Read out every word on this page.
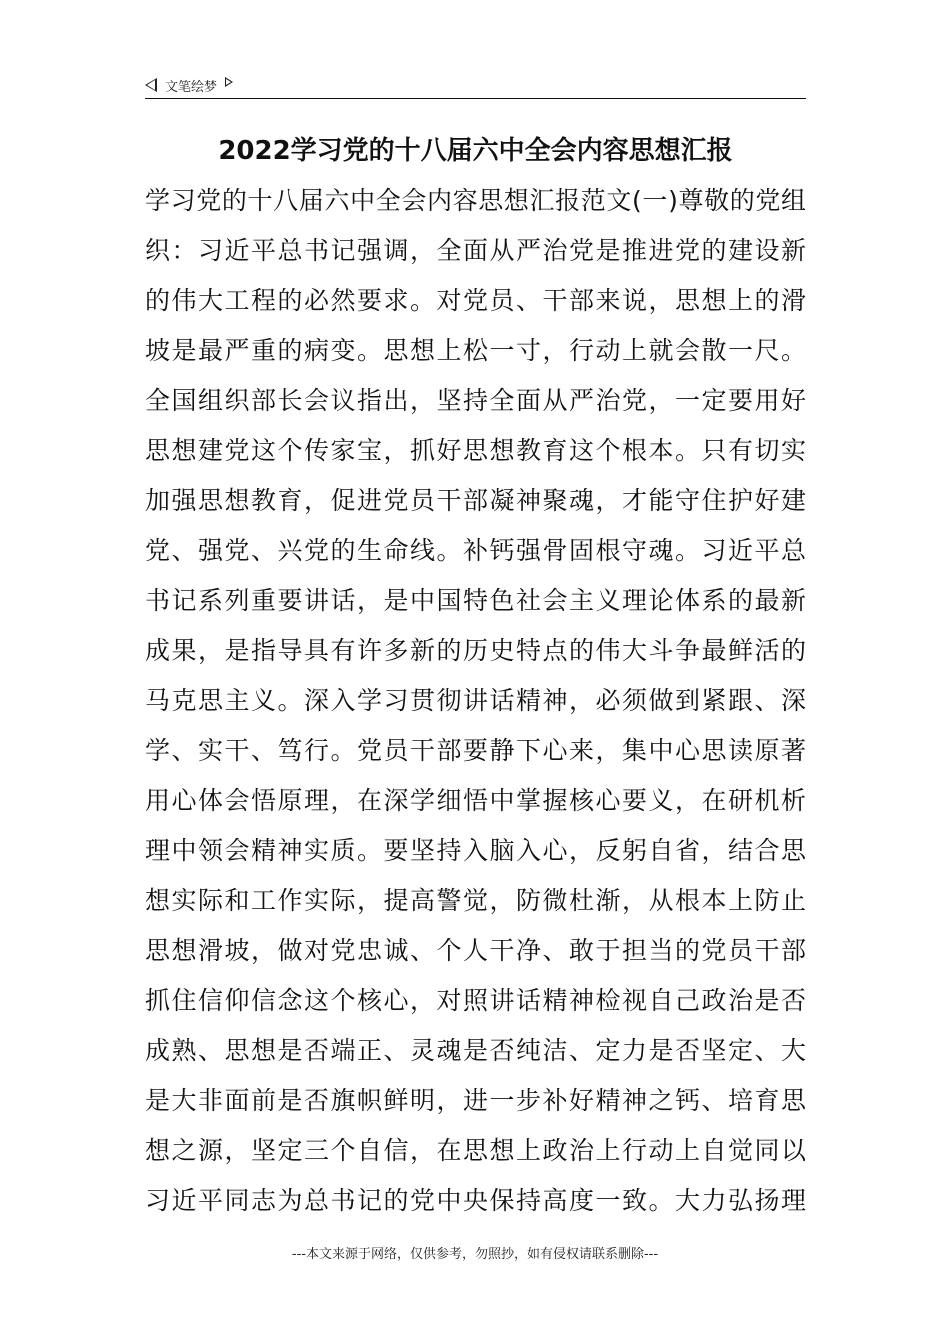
文笔绘梦
2022学习党的十八届六中全会内容思想汇报
学习党的十八届六中全会内容思想汇报范文(一)尊敬的党组
织：习近平总书记强调，全面从严治党是推进党的建设新
的伟大工程的必然要求。对党员、干部来说，思想上的滑
坡是最严重的病变。思想上松一寸，行动上就会散一尺。
全国组织部长会议指出，坚持全面从严治党，一定要用好
思想建党这个传家宝，抓好思想教育这个根本。只有切实
加强思想教育，促进党员干部凝神聚魂，才能守住护好建
党、强党、兴党的生命线。补钙强骨固根守魂。习近平总
书记系列重要讲话，是中国特色社会主义理论体系的最新
成果，是指导具有许多新的历史特点的伟大斗争最鲜活的
马克思主义。深入学习贯彻讲话精神，必须做到紧跟、深
学、实干、笃行。党员干部要静下心来，集中心思读原著
用心体会悟原理，在深学细悟中掌握核心要义，在研机析
理中领会精神实质。要坚持入脑入心，反躬自省，结合思
想实际和工作实际，提高警觉，防微杜渐，从根本上防止
思想滑坡，做对党忠诚、个人干净、敢于担当的党员干部
抓住信仰信念这个核心，对照讲话精神检视自己政治是否
成熟、思想是否端正、灵魂是否纯洁、定力是否坚定、大
是大非面前是否旗帜鲜明，进一步补好精神之钙、培育思
想之源，坚定三个自信，在思想上政治上行动上自觉同以
习近平同志为总书记的党中央保持高度一致。大力弘扬理
---本文来源于网络，仅供参考，勿照抄，如有侵权请联系删除---
